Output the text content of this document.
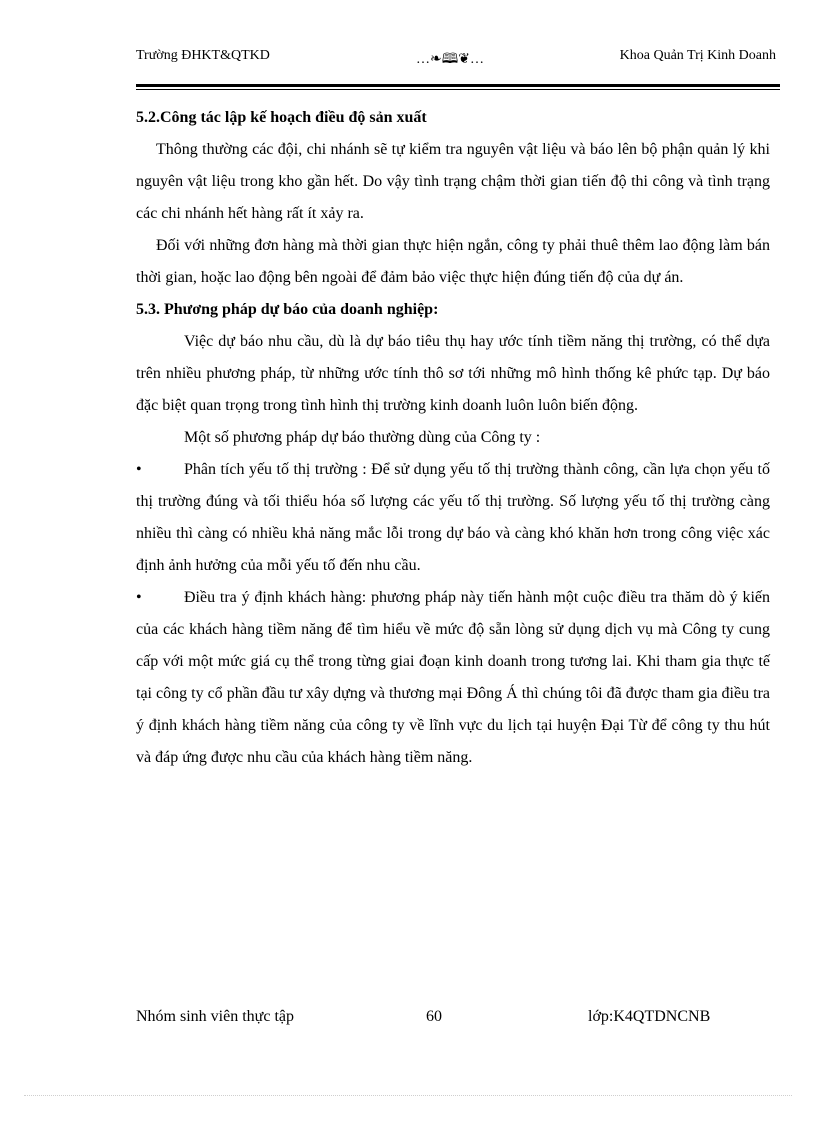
Trường ĐHKT&QTKD	…❧🕮❦…	Khoa Quản Trị Kinh Doanh

5.2.Công tác lập kế hoạch điều độ sản xuất

Thông thường các đội, chi nhánh sẽ tự kiểm tra nguyên vật liệu và báo lên bộ phận quản lý khi nguyên vật liệu trong kho gần hết. Do vậy tình trạng chậm thời gian tiến độ thi công và tình trạng các chi nhánh hết hàng rất ít xảy ra.

Đối với những đơn hàng mà thời gian thực hiện ngắn, công ty phải thuê thêm lao động làm bán thời gian, hoặc lao động bên ngoài để đảm bảo việc thực hiện đúng tiến độ của dự án.

5.3. Phương pháp dự báo của doanh nghiệp:

Việc dự báo nhu cầu, dù là dự báo tiêu thụ hay ước tính tiềm năng thị trường, có thể dựa trên nhiều phương pháp, từ những ước tính thô sơ tới những mô hình thống kê phức tạp. Dự báo đặc biệt quan trọng trong tình hình thị trường kinh doanh luôn luôn biến động.

Một số phương pháp dự báo thường dùng của Công ty :

•	Phân tích yếu tố thị trường : Để sử dụng yếu tố thị trường thành công, cần lựa chọn yếu tố thị trường đúng và tối thiểu hóa số lượng các yếu tố thị trường. Số lượng yếu tố thị trường càng nhiều thì càng có nhiều khả năng mắc lỗi trong dự báo và càng khó khăn hơn trong công việc xác định ảnh hưởng của mỗi yếu tố đến nhu cầu.

•	Điều tra ý định khách hàng: phương pháp này tiến hành một cuộc điều tra thăm dò ý kiến của các khách hàng tiềm năng để tìm hiểu về mức độ sẵn lòng sử dụng dịch vụ mà Công ty cung cấp với một mức giá cụ thể trong từng giai đoạn kinh doanh trong tương lai. Khi tham gia thực tế tại công ty cổ phần đầu tư xây dựng và thương mại Đông Á thì chúng tôi đã được tham gia điều tra ý định khách hàng tiềm năng của công ty về lĩnh vực du lịch tại huyện Đại Từ để công ty thu hút và đáp ứng được nhu cầu của khách hàng tiềm năng.

Nhóm sinh viên thực tập	60	lớp:K4QTDNCNB
